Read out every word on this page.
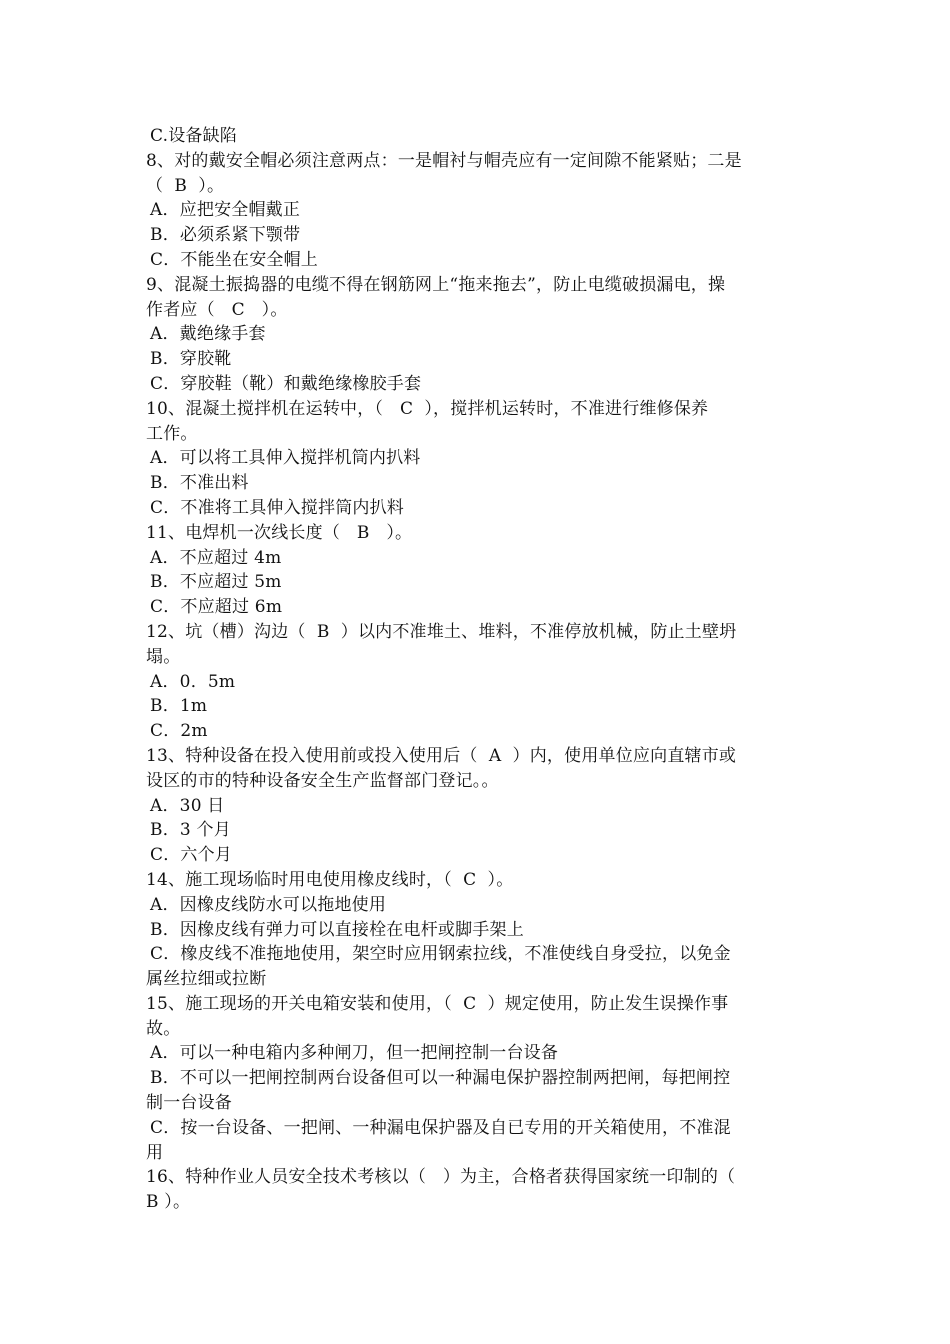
C.设备缺陷
8、对的戴安全帽必须注意两点：一是帽衬与帽壳应有一定间隙不能紧贴；二是
（  B  ）。
A．应把安全帽戴正
B．必须系紧下颚带
C．不能坐在安全帽上
9、混凝土振捣器的电缆不得在钢筋网上“拖来拖去”，防止电缆破损漏电，操
作者应（   C   ）。
A．戴绝缘手套
B．穿胶靴
C．穿胶鞋（靴）和戴绝缘橡胶手套
10、混凝土搅拌机在运转中，（   C  ），搅拌机运转时，不准进行维修保养
工作。
A．可以将工具伸入搅拌机筒内扒料
B．不准出料
C．不准将工具伸入搅拌筒内扒料
11、电焊机一次线长度（   B   ）。
A．不应超过 4m
B．不应超过 5m
C．不应超过 6m
12、坑（槽）沟边（  B  ）以内不准堆土、堆料，不准停放机械，防止土壁坍
塌。
A．0．5m
B．1m
C．2m
13、特种设备在投入使用前或投入使用后（  A  ）内，使用单位应向直辖市或
设区的市的特种设备安全生产监督部门登记。。
A．30 日
B．3 个月
C．六个月
14、施工现场临时用电使用橡皮线时，（  C  ）。
A．因橡皮线防水可以拖地使用
B．因橡皮线有弹力可以直接栓在电杆或脚手架上
C．橡皮线不准拖地使用，架空时应用钢索拉线，不准使线自身受拉，以免金
属丝拉细或拉断
15、施工现场的开关电箱安装和使用，（  C  ）规定使用，防止发生误操作事
故。
A．可以一种电箱内多种闸刀，但一把闸控制一台设备
B．不可以一把闸控制两台设备但可以一种漏电保护器控制两把闸，每把闸控
制一台设备
C．按一台设备、一把闸、一种漏电保护器及自已专用的开关箱使用，不准混
用
16、特种作业人员安全技术考核以（   ）为主，合格者获得国家统一印制的（
B ）。
